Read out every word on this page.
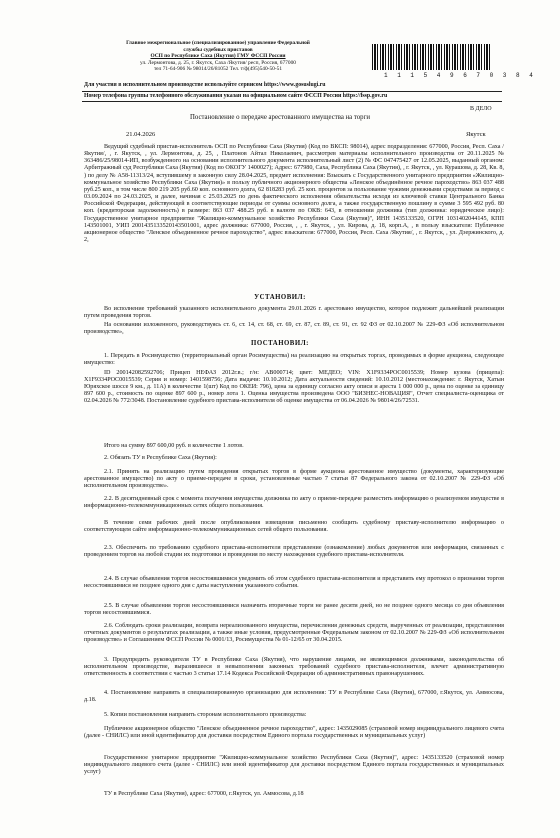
Главное межрегиональное (специализированное) управление Федеральной
службы судебных приставов
ОСП по Республике Саха (Якутия) ГМУ ФССП России
ул. Лермонтова, д. 25, г. Якутск, Саха /Якутия/ респ, Россия, 677000
тел 71-64-906 № 98014/26/81052 Тел. т/ф(495)540-50-51
1 1 1 5 4 9 6 7 0 3 8 4
Для участия в исполнительном производстве используйте сервисом https://www.gosuslugi.ru
Номер телефона группы телефонного обслуживания указан на официальном сайте ФССП России https://fssp.gov.ru
В ДЕЛО
Постановление о передаче арестованного имущества на торги
21.04.2026	Якутск
Ведущий судебный пристав-исполнитель ОСП по Республике Саха (Якутия) (Код по ВКСП: 98014), адрес подразделения: 677000, Россия, Респ. Саха /Якутия/, , г. Якутск, , ул. Лермонтова, д. 25, , Платонов Айтал Николаевич, рассмотрев материалы исполнительного производства от 20.11.2025 № 363486/25/98014-ИП, возбужденного на основании исполнительного документа исполнительный лист (2) № ФС 047475427 от 12.05.2025, выданный органом: Арбитражный суд Республики Саха (Якутия) (Код по ОКОГУ 1400027); Адрес: 677980, Саха, Республика Саха (Якутия), , г. Якутск, , ул. Курашова, д. 28, Кв. 8, ) по делу № А58-11313/24, вступившему в законную силу 28.04.2025, предмет исполнения: Взыскать с Государственного унитарного предприятия «Жилищно-коммунальное хозяйство Республики Саха (Якутия)» в пользу публичного акционерного общества «Ленское объединённое речное пароходство» 863 037 488 руб.25 коп., в том числе 800 219 205 руб.60 коп. основного долга, 62 818283 руб. 25 коп. процентов за пользование чужими денежными средствами за период с 03.09.2024 по 24.03.2025, и далее, начиная с 25.03.2025 по день фактического исполнения обязательства исходя из ключевой ставки Центрального Банка Российской Федерации, действующей в соответствующие периоды от суммы основного долга, а также государственную пошлину в сумме 3 595 492 руб. 80 коп. (кредиторская задолженность) в размере: 863 037 488.25 руб. в валюте по ОКВ: 643, в отношении должника (тип должника: юридическое лицо): Государственное унитарное предприятие "Жилищно-коммунальное хозяйство Республики Саха (Якутия)", ИНН 1435133520, ОГРН 1031402044145, КПП 143501001, УИП 2001435133520143501001, адрес должника: 677000, Россия, , , г. Якутск, , ул. Кирова, д. 18, корп.А, , в пользу взыскателя: Публичное акционерное общество "Ленское объединенное речное пароходство", адрес взыскателя: 677000, Россия, Респ. Саха /Якутия/, , г. Якутск, , ул. Дзержинского, д. 2,
УСТАНОВИЛ:
Во исполнение требований указанного исполнительного документа 29.01.2026 г. арестовано имущество, которое подлежит дальнейшей реализации путем проведения торгов.
На основании изложенного, руководствуясь ст. 6, ст. 14, ст. 68, ст. 69, ст. 87, ст. 89, ст. 91, ст. 92 ФЗ от 02.10.2007 № 229-ФЗ «Об исполнительном производстве»,
ПОСТАНОВИЛ:
1. Передать в Росимущество (территориальный орган Росимущества) на реализацию на открытых торгах, проводимых в форме аукциона, следующее имущество:
ID 200142082592706; Прицеп НЕФАЗ 2012г.в.; г/н: АВ000714; цвет: МЕДЕО; VIN: X1F9334POC0015539; Номер кузова (прицепа): X1F9334POC0015539; Серия и номер: 1401598756; Дата выдачи: 10.10.2012; Дата актуальности сведений: 10.10.2012 (местонахождение: г. Якутск, Хатын Юряхское шоссе 9 км., д. 11А) в количестве 1(шт) Код по ОКЕИ: 796), цена за единицу согласно акту описи и ареста 1 000 000 р., цена по оценке за единицу 897 600 р., стоимость по оценке 897 600 р., номер лота 1. Оценка имущества произведена ООО "БИЗНЕС-НОВАЦИЯ", Отчет специалиста-оценщика от 02.04.2026 № 772/3048. Постановление судебного пристава-исполнителя об оценке имущества от 06.04.2026 № 98014/26/72531.
Итого на сумму 897 600,00 руб. в количестве 1 лотов.
2. Обязать ТУ в Республике Саха (Якутия):
2.1. Принять на реализацию путем проведения открытых торгов в форме аукциона арестованное имущество (документы, характеризующие арестованное имущество) по акту о приеме-передаче в сроки, установленные частью 7 статьи 87 Федерального закона от 02.10.2007 № 229-ФЗ «Об исполнительном производстве».
2.2. В десятидневный срок с момента получения имущества должника по акту о приеме-передаче разместить информацию о реализуемом имуществе в информационно-телекоммуникационных сетях общего пользования.
В течение семи рабочих дней после опубликования извещения письменно сообщить судебному приставу-исполнителю информацию о соответствующем сайте информационно-телекоммуникационных сетей общего пользования.
2.3. Обеспечить по требованию судебного пристава-исполнителя представление (ознакомление) любых документов или информации, связанных с проведением торгов на любой стадии их подготовки и проведения по месту нахождения судебного пристава-исполнителя.
2.4. В случае объявления торгов несостоявшимися уведомить об этом судебного пристава-исполнителя и представить ему протокол о признании торгов несостоявшимися не позднее одного дня с даты наступления указанного события.
2.5. В случае объявления торгов несостоявшимися назначить вторичные торги не ранее десяти дней, но не позднее одного месяца со дня объявления торгов несостоявшимися.
2.6. Соблюдать сроки реализации, возврата нереализованного имущества, перечисления денежных средств, вырученных от реализации, представления отчетных документов о результатах реализации, а также иные условия, предусмотренные Федеральным законом от 02.10.2007 № 229-ФЗ «Об исполнительном производстве» и Соглашением ФССП России № 0001/13, Росимущества № 01-12/65 от 30.04.2015.
3. Предупредить руководителя ТУ в Республике Саха (Якутия), что нарушение лицами, не являющимися должниками, законодательства об исполнительном производстве, выразившееся в невыполнении законных требований судебного пристава-исполнителя, влечет административную ответственность в соответствии с частью 3 статьи 17.14 Кодекса Российской Федерации об административных правонарушениях.
4. Постановление направить в специализированную организацию для исполнения: ТУ в Республике Саха (Якутия), 677000, г.Якутск, ул. Аммосова, д.18.
5. Копии постановления направить сторонам исполнительного производства:
Публичное акционерное общество "Ленское объединенное речное пароходство", адрес: 1435029085 (страховой номер индивидуального лицевого счета (далее - СНИЛС) или иной идентификатор для доставки посредством Единого портала государственных и муниципальных услуг)
Государственное унитарное предприятие "Жилищно-коммунальное хозяйство Республики Саха (Якутия)", адрес: 1435133520 (страховой номер индивидуального лицевого счета (далее - СНИЛС) или иной идентификатор для доставки посредством Единого портала государственных и муниципальных услуг)
ТУ в Республике Саха (Якутия), адрес: 677000, г.Якутск, ул. Аммосова, д.18
